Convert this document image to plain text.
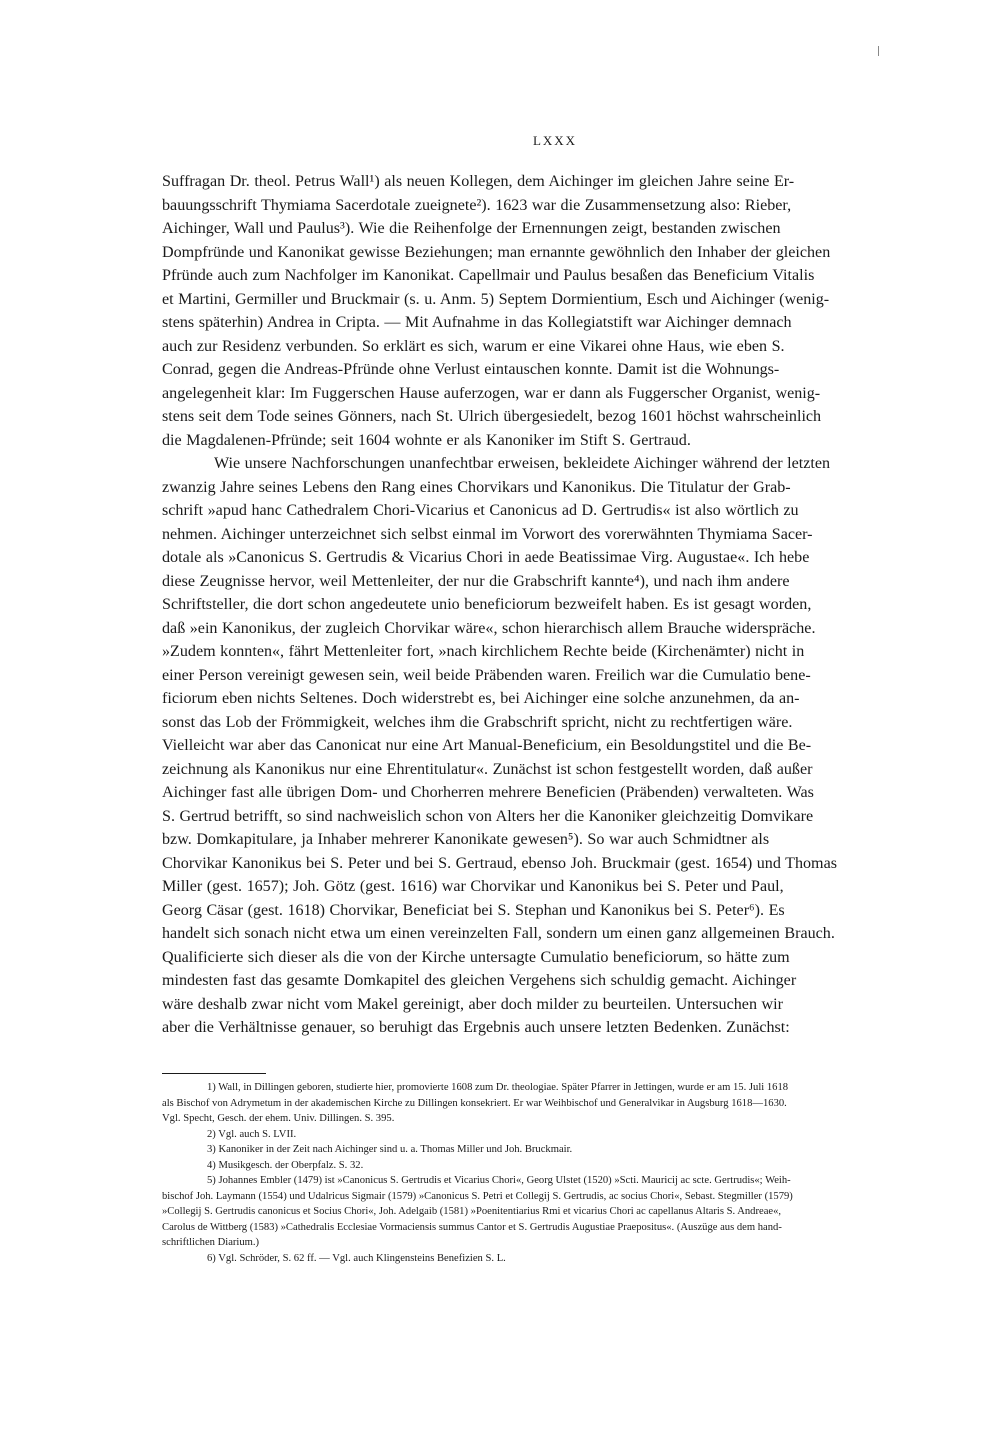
LXXX

Suffragan Dr. theol. Petrus Wall¹) als neuen Kollegen, dem Aichinger im gleichen Jahre seine Er-
bauungsschrift Thymiama Sacerdotale zueignete²). 1623 war die Zusammensetzung also: Rieber,
Aichinger, Wall und Paulus³). Wie die Reihenfolge der Ernennungen zeigt, bestanden zwischen
Dompfründe und Kanonikat gewisse Beziehungen; man ernannte gewöhnlich den Inhaber der gleichen
Pfründe auch zum Nachfolger im Kanonikat. Capellmair und Paulus besaßen das Beneficium Vitalis
et Martini, Germiller und Bruckmair (s. u. Anm. 5) Septem Dormientium, Esch und Aichinger (wenig-
stens späterhin) Andrea in Cripta. — Mit Aufnahme in das Kollegiatstift war Aichinger demnach
auch zur Residenz verbunden. So erklärt es sich, warum er eine Vikarei ohne Haus, wie eben S.
Conrad, gegen die Andreas-Pfründe ohne Verlust eintauschen konnte. Damit ist die Wohnungs-
angelegenheit klar: Im Fuggerschen Hause auferzogen, war er dann als Fuggerscher Organist, wenig-
stens seit dem Tode seines Gönners, nach St. Ulrich übergesiedelt, bezog 1601 höchst wahrscheinlich
die Magdalenen-Pfründe; seit 1604 wohnte er als Kanoniker im Stift S. Gertraud.

Wie unsere Nachforschungen unanfechtbar erweisen, bekleidete Aichinger während der letzten
zwanzig Jahre seines Lebens den Rang eines Chorvikars und Kanonikus. Die Titulatur der Grab-
schrift »apud hanc Cathedralem Chori-Vicarius et Canonicus ad D. Gertrudis« ist also wörtlich zu
nehmen. Aichinger unterzeichnet sich selbst einmal im Vorwort des vorerwähnten Thymiama Sacer-
dotale als »Canonicus S. Gertrudis & Vicarius Chori in aede Beatissimae Virg. Augustae«. Ich hebe
diese Zeugnisse hervor, weil Mettenleiter, der nur die Grabschrift kannte⁴), und nach ihm andere
Schriftsteller, die dort schon angedeutete unio beneficiorum bezweifelt haben. Es ist gesagt worden,
daß »ein Kanonikus, der zugleich Chorvikar wäre«, schon hierarchisch allem Brauche widerspräche.
»Zudem konnten«, fährt Mettenleiter fort, »nach kirchlichem Rechte beide (Kirchenämter) nicht in
einer Person vereinigt gewesen sein, weil beide Präbenden waren. Freilich war die Cumulatio bene-
ficiorum eben nichts Seltenes. Doch widerstrebt es, bei Aichinger eine solche anzunehmen, da an-
sonst das Lob der Frömmigkeit, welches ihm die Grabschrift spricht, nicht zu rechtfertigen wäre.
Vielleicht war aber das Canonicat nur eine Art Manual-Beneficium, ein Besoldungstitel und die Be-
zeichnung als Kanonikus nur eine Ehrentitulatur«. Zunächst ist schon festgestellt worden, daß außer
Aichinger fast alle übrigen Dom- und Chorherren mehrere Beneficien (Präbenden) verwalteten. Was
S. Gertrud betrifft, so sind nachweislich schon von Alters her die Kanoniker gleichzeitig Domvikare
bzw. Domkapitulare, ja Inhaber mehrerer Kanonikate gewesen⁵). So war auch Schmidtner als
Chorvikar Kanonikus bei S. Peter und bei S. Gertraud, ebenso Joh. Bruckmair (gest. 1654) und Thomas
Miller (gest. 1657); Joh. Götz (gest. 1616) war Chorvikar und Kanonikus bei S. Peter und Paul,
Georg Cäsar (gest. 1618) Chorvikar, Beneficiat bei S. Stephan und Kanonikus bei S. Peter⁶). Es
handelt sich sonach nicht etwa um einen vereinzelten Fall, sondern um einen ganz allgemeinen Brauch.
Qualificierte sich dieser als die von der Kirche untersagte Cumulatio beneficiorum, so hätte zum
mindesten fast das gesamte Domkapitel des gleichen Vergehens sich schuldig gemacht. Aichinger
wäre deshalb zwar nicht vom Makel gereinigt, aber doch milder zu beurteilen. Untersuchen wir
aber die Verhältnisse genauer, so beruhigt das Ergebnis auch unsere letzten Bedenken. Zunächst:

1) Wall, in Dillingen geboren, studierte hier, promovierte 1608 zum Dr. theologiae. Später Pfarrer in Jettingen, wurde er am 15. Juli 1618
als Bischof von Adrymetum in der akademischen Kirche zu Dillingen konsekriert. Er war Weihbischof und Generalvikar in Augsburg 1618—1630.
Vgl. Specht, Gesch. der ehem. Univ. Dillingen. S. 395.

2) Vgl. auch S. LVII.

3) Kanoniker in der Zeit nach Aichinger sind u. a. Thomas Miller und Joh. Bruckmair.

4) Musikgesch. der Oberpfalz. S. 32.

5) Johannes Embler (1479) ist »Canonicus S. Gertrudis et Vicarius Chori«, Georg Ulstet (1520) »Scti. Mauricij ac scte. Gertrudis«; Weih-
bischof Joh. Laymann (1554) und Udalricus Sigmair (1579) »Canonicus S. Petri et Collegij S. Gertrudis, ac socius Chori«, Sebast. Stegmiller (1579)
»Collegij S. Gertrudis canonicus et Socius Chori«, Joh. Adelgaib (1581) »Poenitentiarius Rmi et vicarius Chori ac capellanus Altaris S. Andreae«,
Carolus de Wittberg (1583) »Cathedralis Ecclesiae Vormaciensis summus Cantor et S. Gertrudis Augustiae Praepositus«. (Auszüge aus dem hand-
schriftlichen Diarium.)

6) Vgl. Schröder, S. 62 ff. — Vgl. auch Klingensteins Benefizien S. L.
